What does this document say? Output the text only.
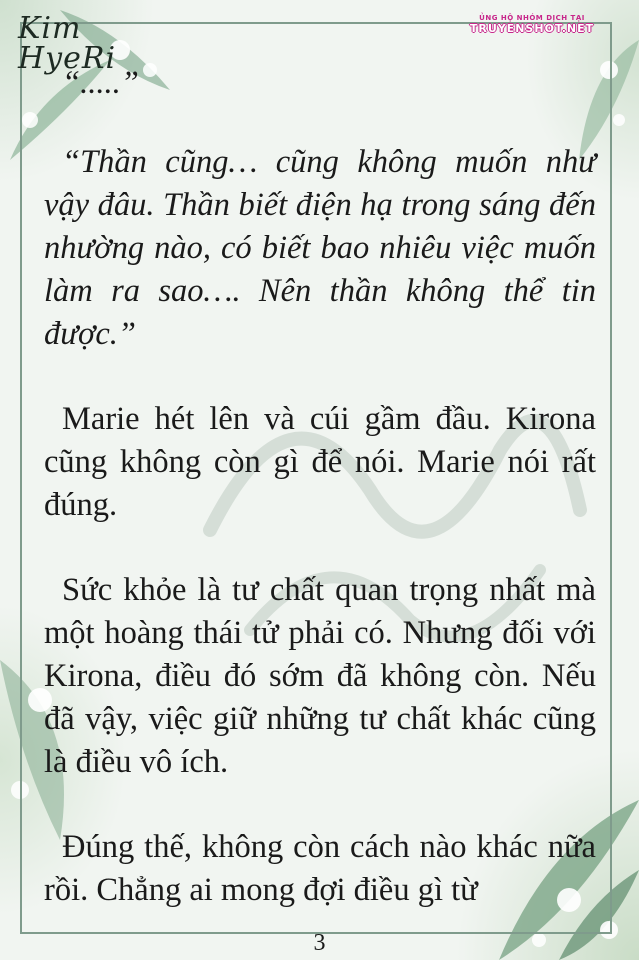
Kim HyeRi
ỦNG HỘ NHÓM DỊCH TẠI
TRUYENSHOT.NET

“.....”

“Thần cũng… cũng không muốn như vậy đâu. Thần biết điện hạ trong sáng đến nhường nào, có biết bao nhiêu việc muốn làm ra sao…. Nên thần không thể tin được.”

Marie hét lên và cúi gầm đầu. Kirona cũng không còn gì để nói. Marie nói rất đúng.

Sức khỏe là tư chất quan trọng nhất mà một hoàng thái tử phải có. Nhưng đối với Kirona, điều đó sớm đã không còn. Nếu đã vậy, việc giữ những tư chất khác cũng là điều vô ích.

Đúng thế, không còn cách nào khác nữa rồi. Chẳng ai mong đợi điều gì từ

3
